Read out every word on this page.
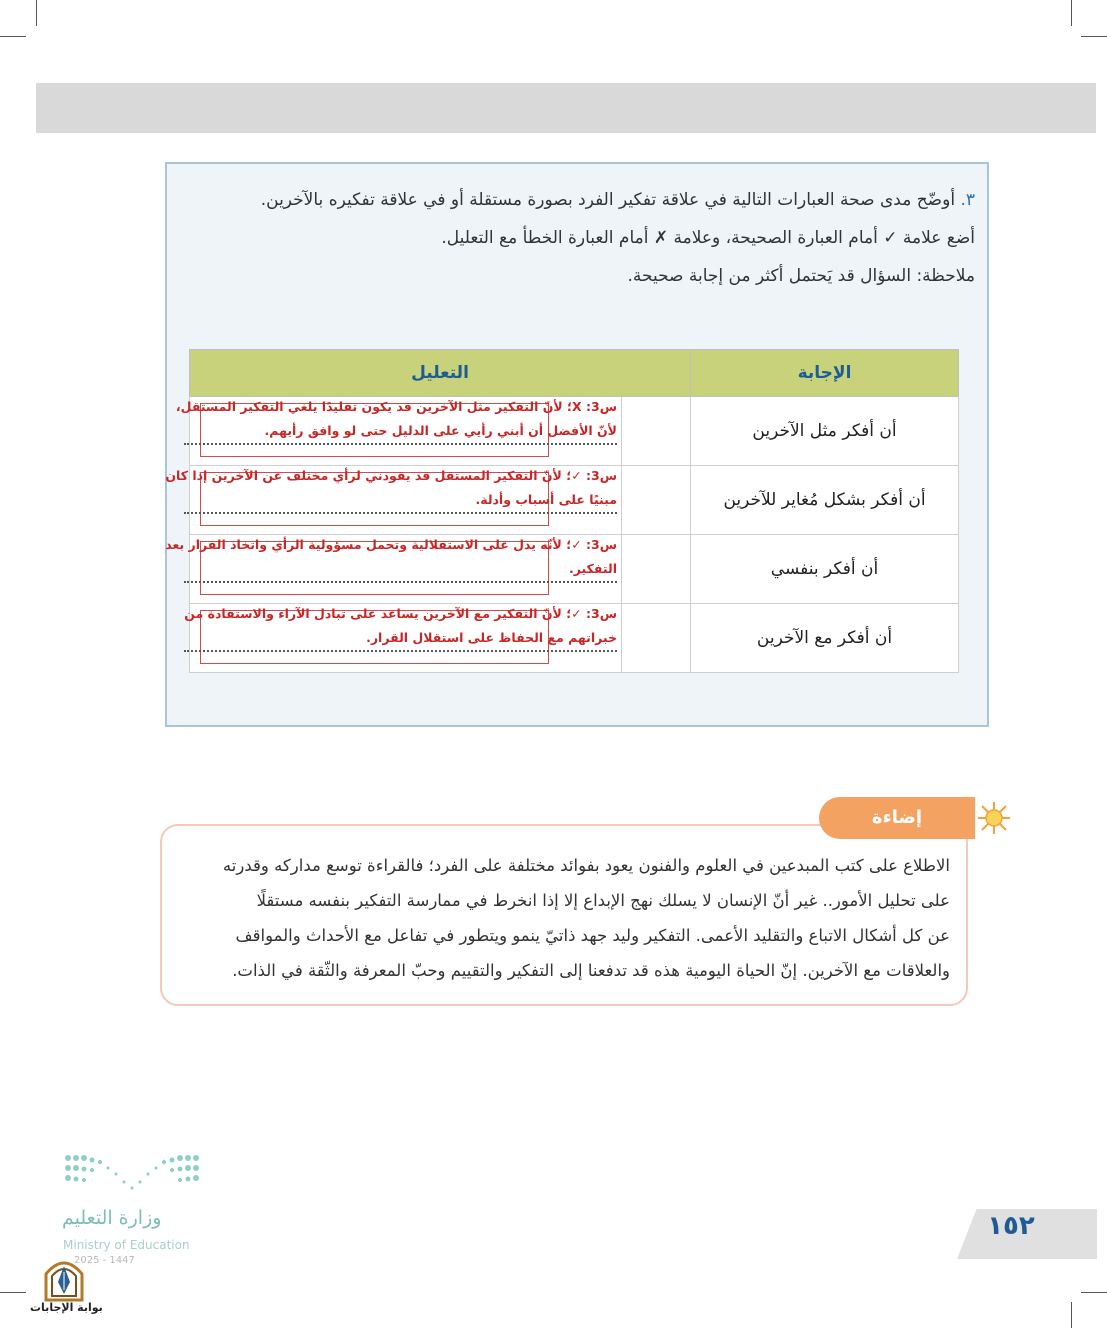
٣. أوضّح مدى صحة العبارات التالية في علاقة تفكير الفرد بصورة مستقلة أو في علاقة تفكيره بالآخرين.
أضع علامة ✓ أمام العبارة الصحيحة، وعلامة ✗ أمام العبارة الخطأ مع التعليل.
ملاحظة: السؤال قد يَحتمل أكثر من إجابة صحيحة.
الإجابة	التعليل	
أن أفكر مثل الآخرين		س3: X؛ لأنّ التفكير مثل الآخرين قد يكون تقليدًا يلغي التفكير المستقل،
لأنّ الأفضل أن أبني رأيي على الدليل حتى لو وافق رأيهم.

أن أفكر بشكل مُغاير للآخرين		س3: ✓؛ لأنّ التفكير المستقل قد يقودني لرأي مختلف عن الآخرين إذا كان
مبنيًا على أسباب وأدلة.

أن أفكر بنفسي		س3: ✓؛ لأنّه يدل على الاستقلالية وتحمل مسؤولية الرأي واتخاذ القرار بعد
التفكير.

أن أفكر مع الآخرين		س3: ✓؛ لأنّ التفكير مع الآخرين يساعد على تبادل الآراء والاستفادة من
خبراتهم مع الحفاظ على استقلال القرار.
الاطلاع على كتب المبدعين في العلوم والفنون يعود بفوائد مختلفة على الفرد؛ فالقراءة توسع مداركه وقدرته
على تحليل الأمور.. غير أنّ الإنسان لا يسلك نهج الإبداع إلا إذا انخرط في ممارسة التفكير بنفسه مستقلًا
عن كل أشكال الاتباع والتقليد الأعمى. التفكير وليد جهد ذاتيّ ينمو ويتطور في تفاعل مع الأحداث والمواقف
والعلاقات مع الآخرين. إنّ الحياة اليومية هذه قد تدفعنا إلى التفكير والتقييم وحبّ المعرفة والثّقة في الذات.
إضاءة
وزارة التعليم
Ministry of Education
2025 - 1447
١٥٢
بوابة الإجابات
